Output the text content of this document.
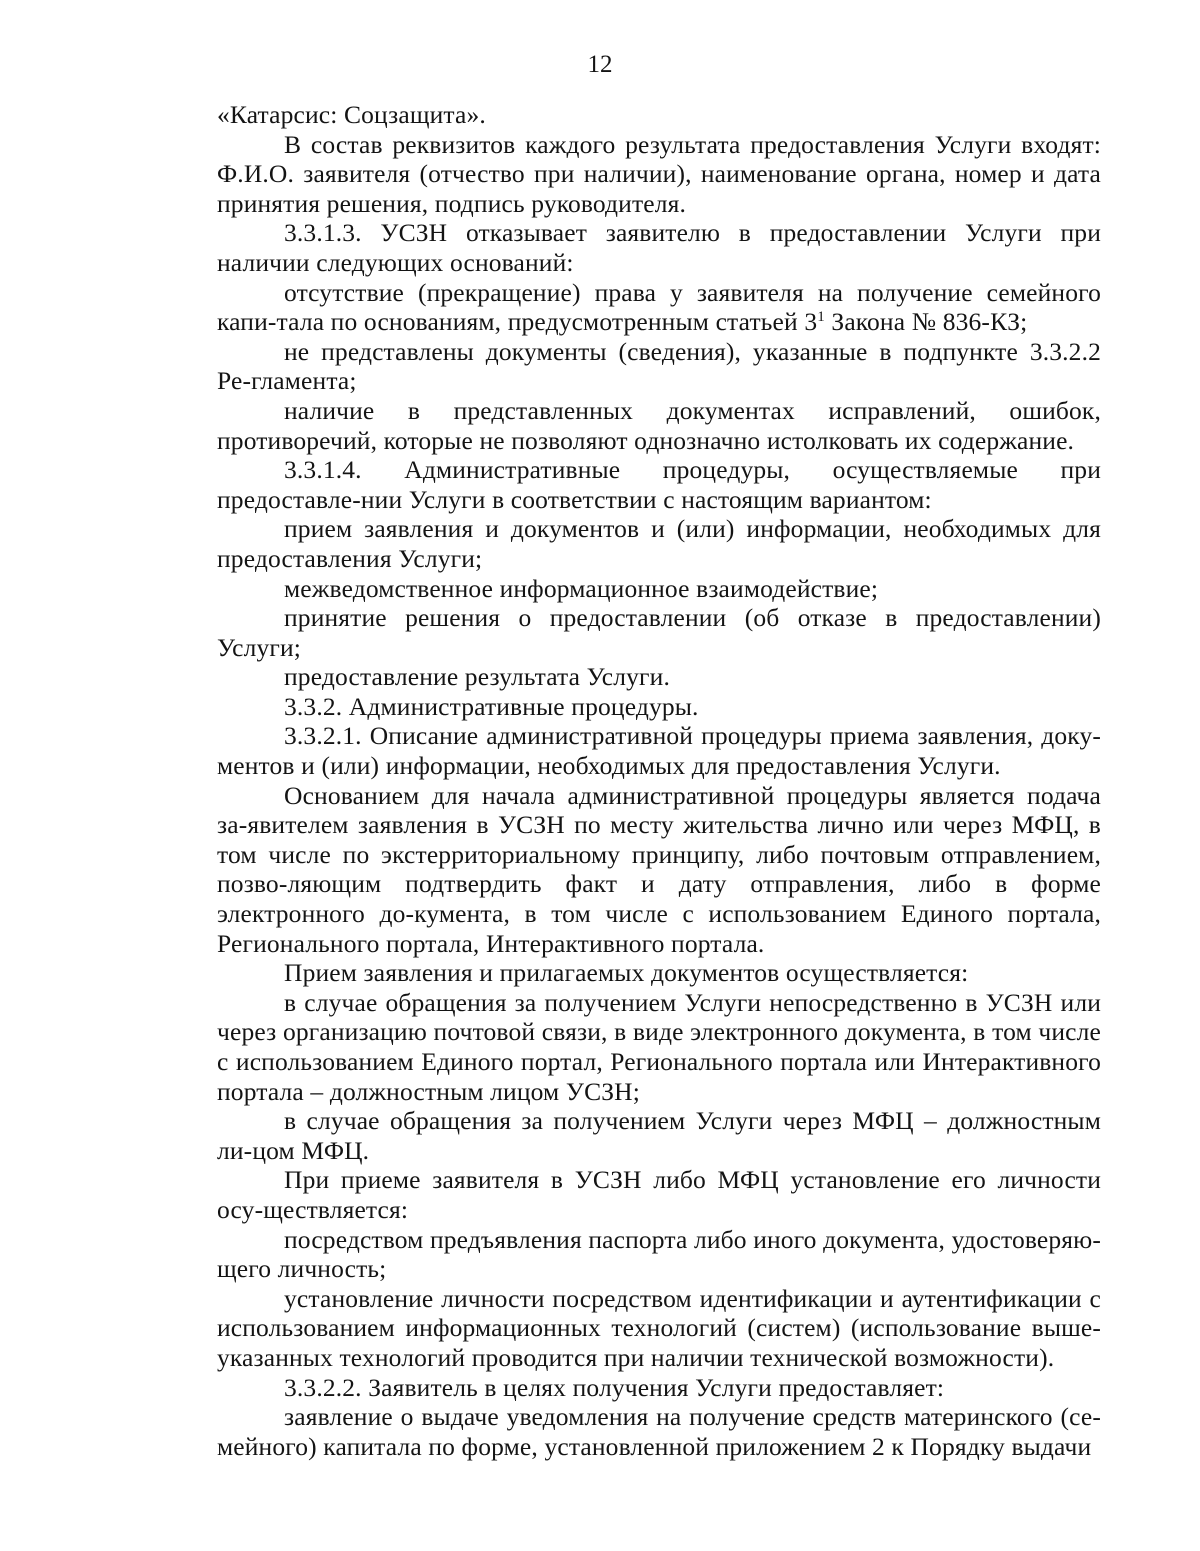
12

«Катарсис: Соцзащита».

В состав реквизитов каждого результата предоставления Услуги входят: Ф.И.О. заявителя (отчество при наличии), наименование органа, номер и дата принятия решения, подпись руководителя.

3.3.1.3. УСЗН отказывает заявителю в предоставлении Услуги при наличии следующих оснований:

отсутствие (прекращение) права у заявителя на получение семейного капи-тала по основаниям, предусмотренным статьей $3^1$ Закона № 836-КЗ;

не представлены документы (сведения), указанные в подпункте 3.3.2.2 Ре-гламента;

наличие в представленных документах исправлений, ошибок, противоречий, которые не позволяют однозначно истолковать их содержание.

3.3.1.4. Административные процедуры, осуществляемые при предоставле-нии Услуги в соответствии с настоящим вариантом:

прием заявления и документов и (или) информации, необходимых для предоставления Услуги;

межведомственное информационное взаимодействие;

принятие решения о предоставлении (об отказе в предоставлении) Услуги;

предоставление результата Услуги.

3.3.2. Административные процедуры.

3.3.2.1. Описание административной процедуры приема заявления, доку-ментов и (или) информации, необходимых для предоставления Услуги.

Основанием для начала административной процедуры является подача за-явителем заявления в УСЗН по месту жительства лично или через МФЦ, в том числе по экстерриториальному принципу, либо почтовым отправлением, позво-ляющим подтвердить факт и дату отправления, либо в форме электронного до-кумента, в том числе с использованием Единого портала, Регионального портала, Интерактивного портала.

Прием заявления и прилагаемых документов осуществляется:

в случае обращения за получением Услуги непосредственно в УСЗН или через организацию почтовой связи, в виде электронного документа, в том числе с использованием Единого портал, Регионального портала или Интерактивного портала – должностным лицом УСЗН;

в случае обращения за получением Услуги через МФЦ – должностным ли-цом МФЦ.

При приеме заявителя в УСЗН либо МФЦ установление его личности осу-ществляется:

посредством предъявления паспорта либо иного документа, удостоверяю-щего личность;

установление личности посредством идентификации и аутентификации с использованием информационных технологий (систем) (использование выше-указанных технологий проводится при наличии технической возможности).

3.3.2.2. Заявитель в целях получения Услуги предоставляет:

заявление о выдаче уведомления на получение средств материнского (се-мейного) капитала по форме, установленной приложением 2 к Порядку выдачи
